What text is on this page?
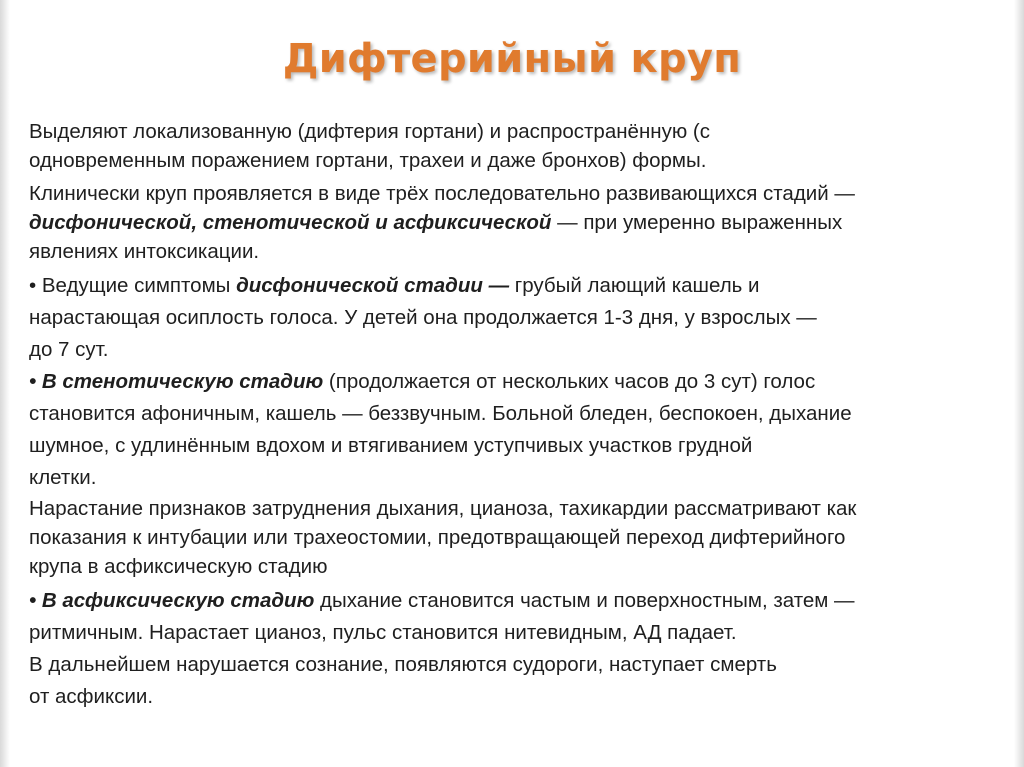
Дифтерийный круп
Выделяют локализованную (дифтерия гортани) и распространённую (с
одновременным поражением гортани, трахеи и даже бронхов) формы.
Клинически круп проявляется в виде трёх последовательно развивающихся стадий —
дисфонической, стенотической и асфиксической — при умеренно выраженных
явлениях интоксикации.
• Ведущие симптомы дисфонической стадии — грубый лающий кашель и
нарастающая осиплость голоса. У детей она продолжается 1-3 дня, у взрослых —
до 7 сут.
• В стенотическую стадию (продолжается от нескольких часов до 3 сут) голос
становится афоничным, кашель — беззвучным. Больной бледен, беспокоен, дыхание
шумное, с удлинённым вдохом и втягиванием уступчивых участков грудной
клетки.
Нарастание признаков затруднения дыхания, цианоза, тахикардии рассматривают как
показания к интубации или трахеостомии, предотвращающей переход дифтерийного
крупа в асфиксическую стадию
• В асфиксическую стадию дыхание становится частым и поверхностным, затем —
ритмичным. Нарастает цианоз, пульс становится нитевидным, АД падает.
В дальнейшем нарушается сознание, появляются судороги, наступает смерть
от асфиксии.
